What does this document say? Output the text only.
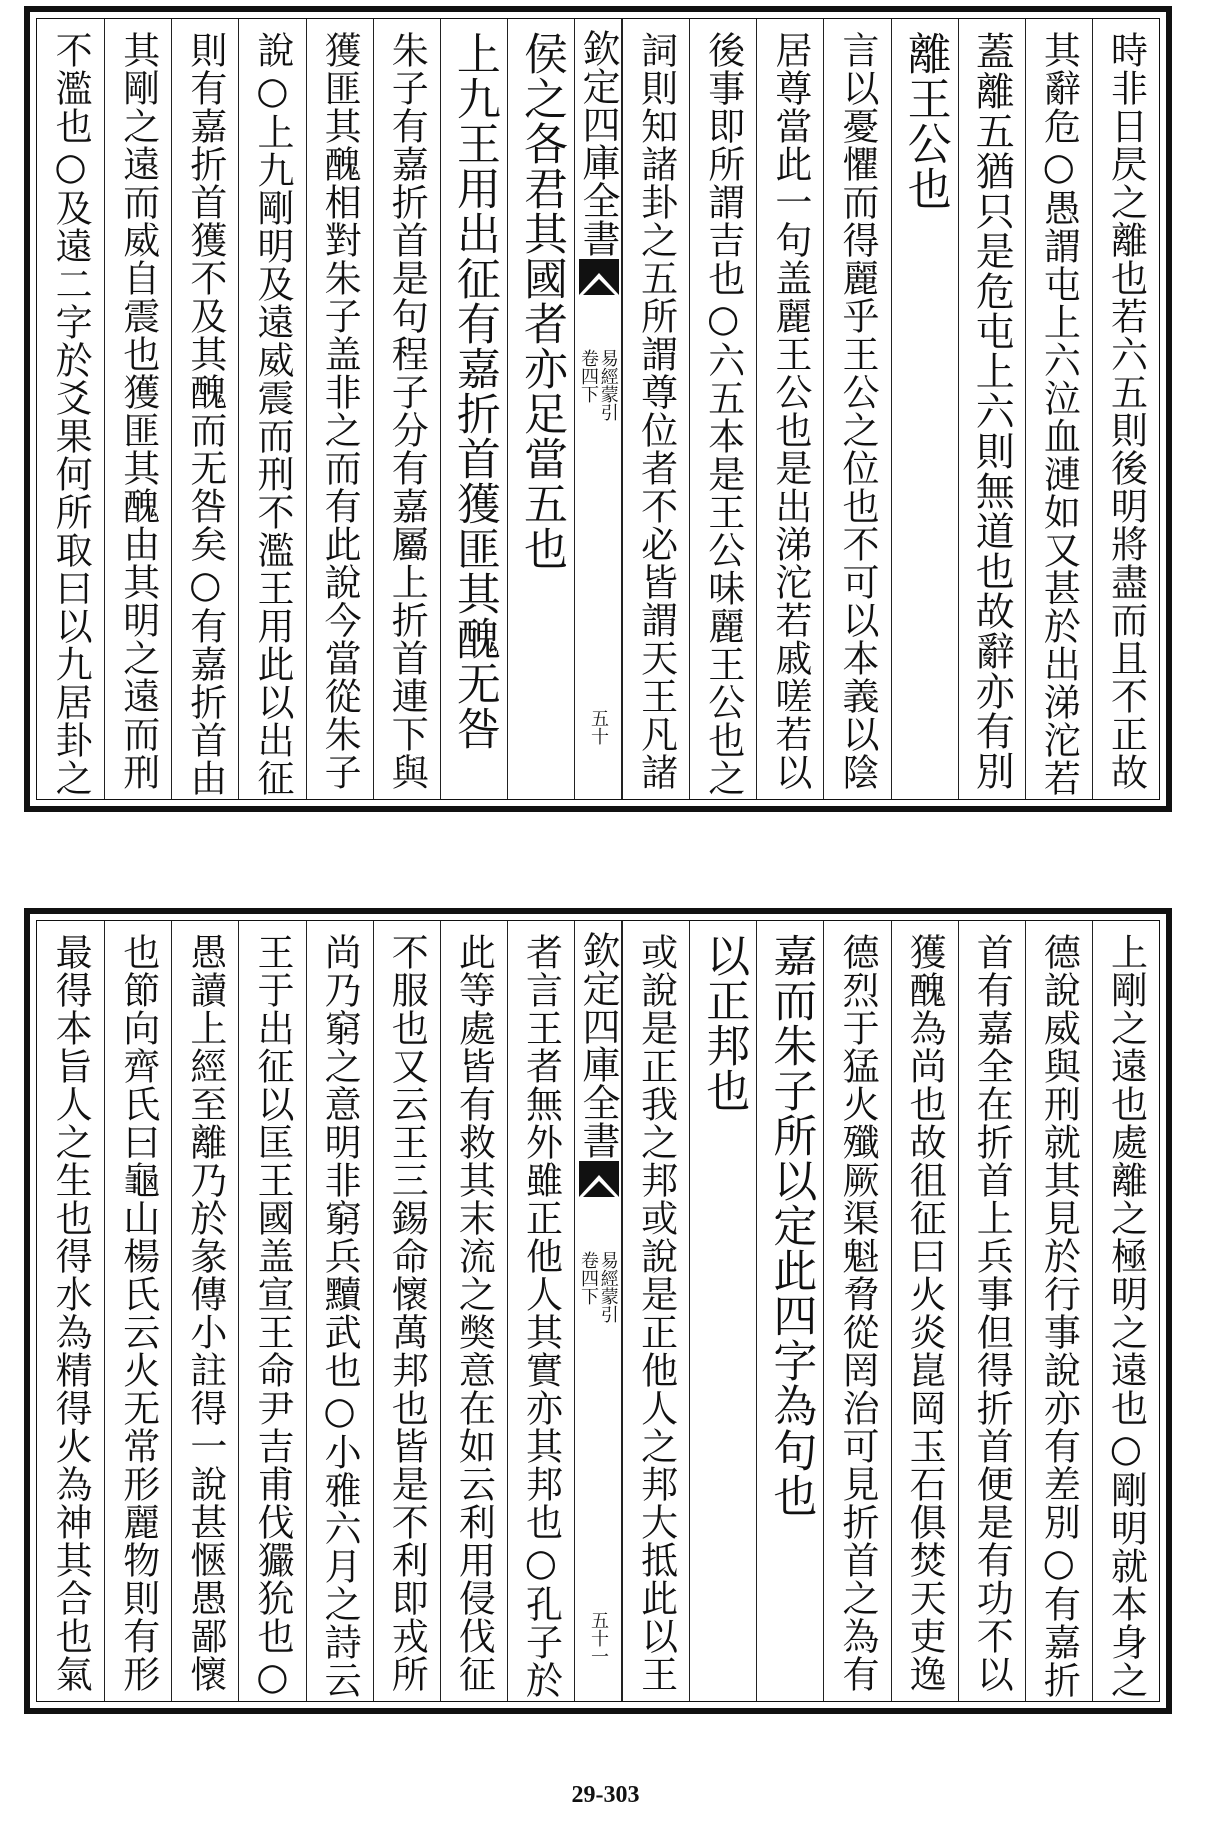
時非日昃之離也若六五則後明將盡而且不正故
其辭危○愚謂屯上六泣血漣如又甚於出涕沱若
蓋離五猶只是危屯上六則無道也故辭亦有別
離王公也
言以憂懼而得麗乎王公之位也不可以本義以陰
居尊當此一句盖麗王公也是出涕沱若戚嗟若以
後事即所謂吉也○六五本是王公味麗王公也之
詞則知諸卦之五所謂尊位者不必皆謂天王凡諸
欽定四庫全書
易經蒙引
卷四下
五十
侯之各君其國者亦足當五也
上九王用出征有嘉折首獲匪其醜无咎
朱子有嘉折首是句程子分有嘉屬上折首連下與
獲匪其醜相對朱子盖非之而有此說今當從朱子
說○上九剛明及遠威震而刑不濫王用此以出征
則有嘉折首獲不及其醜而无咎矣○有嘉折首由
其剛之遠而威自震也獲匪其醜由其明之遠而刑
不濫也○及遠二字於爻果何所取曰以九居卦之
上剛之遠也處離之極明之遠也○剛明就本身之
德說威與刑就其見於行事說亦有差別○有嘉折
首有嘉全在折首上兵事但得折首便是有功不以
獲醜為尚也故徂征曰火炎崑岡玉石俱焚天吏逸
德烈于猛火殲厥渠魁脅從罔治可見折首之為有
嘉而朱子所以定此四字為句也
以正邦也
或說是正我之邦或說是正他人之邦大抵此以王
欽定四庫全書
易經蒙引
卷四下
五十一
者言王者無外雖正他人其實亦其邦也○孔子於
此等處皆有救其末流之獘意在如云利用侵伐征
不服也又云王三錫命懷萬邦也皆是不利即戎所
尚乃窮之意明非窮兵黷武也○小雅六月之詩云
王于出征以匡王國盖宣王命尹吉甫伐玁狁也○
愚讀上經至離乃於彖傳小註得一說甚愜愚鄙懷
也節向齊氏曰龜山楊氏云火无常形麗物則有形
最得本旨人之生也得水為精得火為神其合也氣
29-303
